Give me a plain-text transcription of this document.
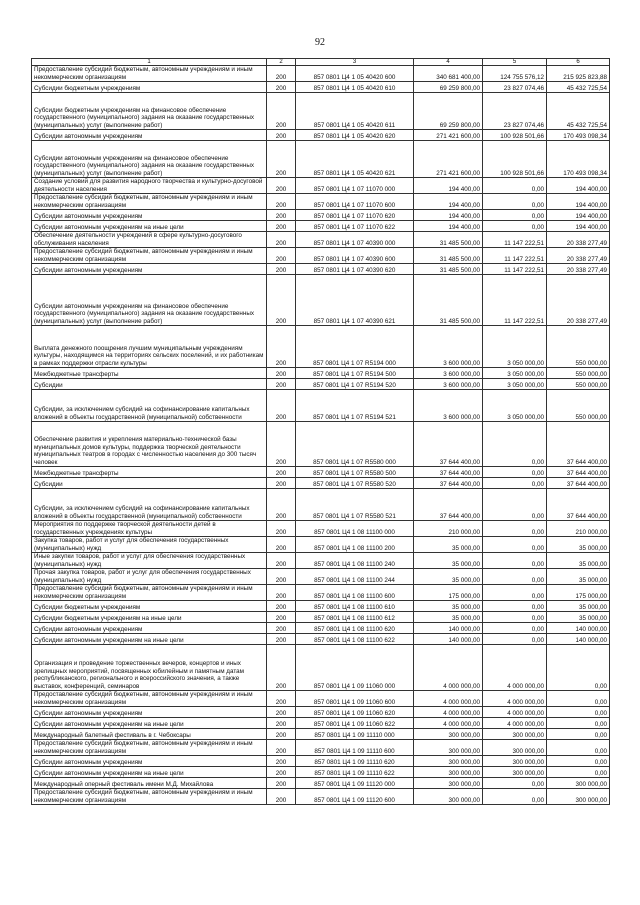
92
1	2	3	4	5	6
Предоставление субсидий бюджетным, автономным учреждениям и иным некоммерческим организациям	200	857 0801 Ц4 1 05 40420 600	340 681 400,00	124 755 576,12	215 925 823,88
Субсидии бюджетным учреждениям	200	857 0801 Ц4 1 05 40420 610	69 259 800,00	23 827 074,46	45 432 725,54
Субсидии бюджетным учреждениям на финансовое обеспечение государственного (муниципального) задания на оказание государственных (муниципальных) услуг (выполнение работ)	200	857 0801 Ц4 1 05 40420 611	69 259 800,00	23 827 074,46	45 432 725,54
Субсидии автономным учреждениям	200	857 0801 Ц4 1 05 40420 620	271 421 600,00	100 928 501,66	170 493 098,34
Субсидии автономным учреждениям на финансовое обеспечение государственного (муниципального) задания на оказание государственных (муниципальных) услуг (выполнение работ)	200	857 0801 Ц4 1 05 40420 621	271 421 600,00	100 928 501,66	170 493 098,34
Создание условий для развития народного творчества и культурно-досуговой деятельности населения	200	857 0801 Ц4 1 07 11070 000	194 400,00	0,00	194 400,00
Предоставление субсидий бюджетным, автономным учреждениям и иным некоммерческим организациям	200	857 0801 Ц4 1 07 11070 600	194 400,00	0,00	194 400,00
Субсидии автономным учреждениям	200	857 0801 Ц4 1 07 11070 620	194 400,00	0,00	194 400,00
Субсидии автономным учреждениям на иные цели	200	857 0801 Ц4 1 07 11070 622	194 400,00	0,00	194 400,00
Обеспечение деятельности учреждений в сфере культурно-досугового обслуживания населения	200	857 0801 Ц4 1 07 40390 000	31 485 500,00	11 147 222,51	20 338 277,49
Предоставление субсидий бюджетным, автономным учреждениям и иным некоммерческим организациям	200	857 0801 Ц4 1 07 40390 600	31 485 500,00	11 147 222,51	20 338 277,49
Субсидии автономным учреждениям	200	857 0801 Ц4 1 07 40390 620	31 485 500,00	11 147 222,51	20 338 277,49
Субсидии автономным учреждениям на финансовое обеспечение государственного (муниципального) задания на оказание государственных (муниципальных) услуг (выполнение работ)	200	857 0801 Ц4 1 07 40390 621	31 485 500,00	11 147 222,51	20 338 277,49
Выплата денежного поощрения лучшим муниципальным учреждениям культуры, находящимся на территориях сельских поселений, и их работникам в рамках поддержки отрасли культуры	200	857 0801 Ц4 1 07 R5194 000	3 600 000,00	3 050 000,00	550 000,00
Межбюджетные трансферты	200	857 0801 Ц4 1 07 R5194 500	3 600 000,00	3 050 000,00	550 000,00
Субсидии	200	857 0801 Ц4 1 07 R5194 520	3 600 000,00	3 050 000,00	550 000,00
Субсидии, за исключением субсидий на софинансирование капитальных вложений в объекты государственной (муниципальной) собственности	200	857 0801 Ц4 1 07 R5194 521	3 600 000,00	3 050 000,00	550 000,00
Обеспечение развития и укрепления материально-технической базы муниципальных домов культуры, поддержка творческой деятельности муниципальных театров в городах с численностью населения до 300 тысяч человек	200	857 0801 Ц4 1 07 R5580 000	37 644 400,00	0,00	37 644 400,00
Межбюджетные трансферты	200	857 0801 Ц4 1 07 R5580 500	37 644 400,00	0,00	37 644 400,00
Субсидии	200	857 0801 Ц4 1 07 R5580 520	37 644 400,00	0,00	37 644 400,00
Субсидии, за исключением субсидий на софинансирование капитальных вложений в объекты государственной (муниципальной) собственности	200	857 0801 Ц4 1 07 R5580 521	37 644 400,00	0,00	37 644 400,00
Мероприятия по поддержке творческой деятельности детей в государственных учреждениях культуры	200	857 0801 Ц4 1 08 11100 000	210 000,00	0,00	210 000,00
Закупка товаров, работ и услуг для обеспечения государственных (муниципальных) нужд	200	857 0801 Ц4 1 08 11100 200	35 000,00	0,00	35 000,00
Иные закупки товаров, работ и услуг для обеспечения государственных (муниципальных) нужд	200	857 0801 Ц4 1 08 11100 240	35 000,00	0,00	35 000,00
Прочая закупка товаров, работ и услуг для обеспечения государственных (муниципальных) нужд	200	857 0801 Ц4 1 08 11100 244	35 000,00	0,00	35 000,00
Предоставление субсидий бюджетным, автономным учреждениям и иным некоммерческим организациям	200	857 0801 Ц4 1 08 11100 600	175 000,00	0,00	175 000,00
Субсидии бюджетным учреждениям	200	857 0801 Ц4 1 08 11100 610	35 000,00	0,00	35 000,00
Субсидии бюджетным учреждениям на иные цели	200	857 0801 Ц4 1 08 11100 612	35 000,00	0,00	35 000,00
Субсидии автономным учреждениям	200	857 0801 Ц4 1 08 11100 620	140 000,00	0,00	140 000,00
Субсидии автономным учреждениям на иные цели	200	857 0801 Ц4 1 08 11100 622	140 000,00	0,00	140 000,00
Организация и проведение торжественных вечеров, концертов и иных зрелищных мероприятий, посвященных юбилейным и памятным датам республиканского, регионального и всероссийского значения, а также выставок, конференций, семинаров	200	857 0801 Ц4 1 09 11060 000	4 000 000,00	4 000 000,00	0,00
Предоставление субсидий бюджетным, автономным учреждениям и иным некоммерческим организациям	200	857 0801 Ц4 1 09 11060 600	4 000 000,00	4 000 000,00	0,00
Субсидии автономным учреждениям	200	857 0801 Ц4 1 09 11060 620	4 000 000,00	4 000 000,00	0,00
Субсидии автономным учреждениям на иные цели	200	857 0801 Ц4 1 09 11060 622	4 000 000,00	4 000 000,00	0,00
Международный балетный фестиваль в г. Чебоксары	200	857 0801 Ц4 1 09 11110 000	300 000,00	300 000,00	0,00
Предоставление субсидий бюджетным, автономным учреждениям и иным некоммерческим организациям	200	857 0801 Ц4 1 09 11110 600	300 000,00	300 000,00	0,00
Субсидии автономным учреждениям	200	857 0801 Ц4 1 09 11110 620	300 000,00	300 000,00	0,00
Субсидии автономным учреждениям на иные цели	200	857 0801 Ц4 1 09 11110 622	300 000,00	300 000,00	0,00
Международный оперный фестиваль имени М.Д. Михайлова	200	857 0801 Ц4 1 09 11120 000	300 000,00	0,00	300 000,00
Предоставление субсидий бюджетным, автономным учреждениям и иным некоммерческим организациям	200	857 0801 Ц4 1 09 11120 600	300 000,00	0,00	300 000,00
